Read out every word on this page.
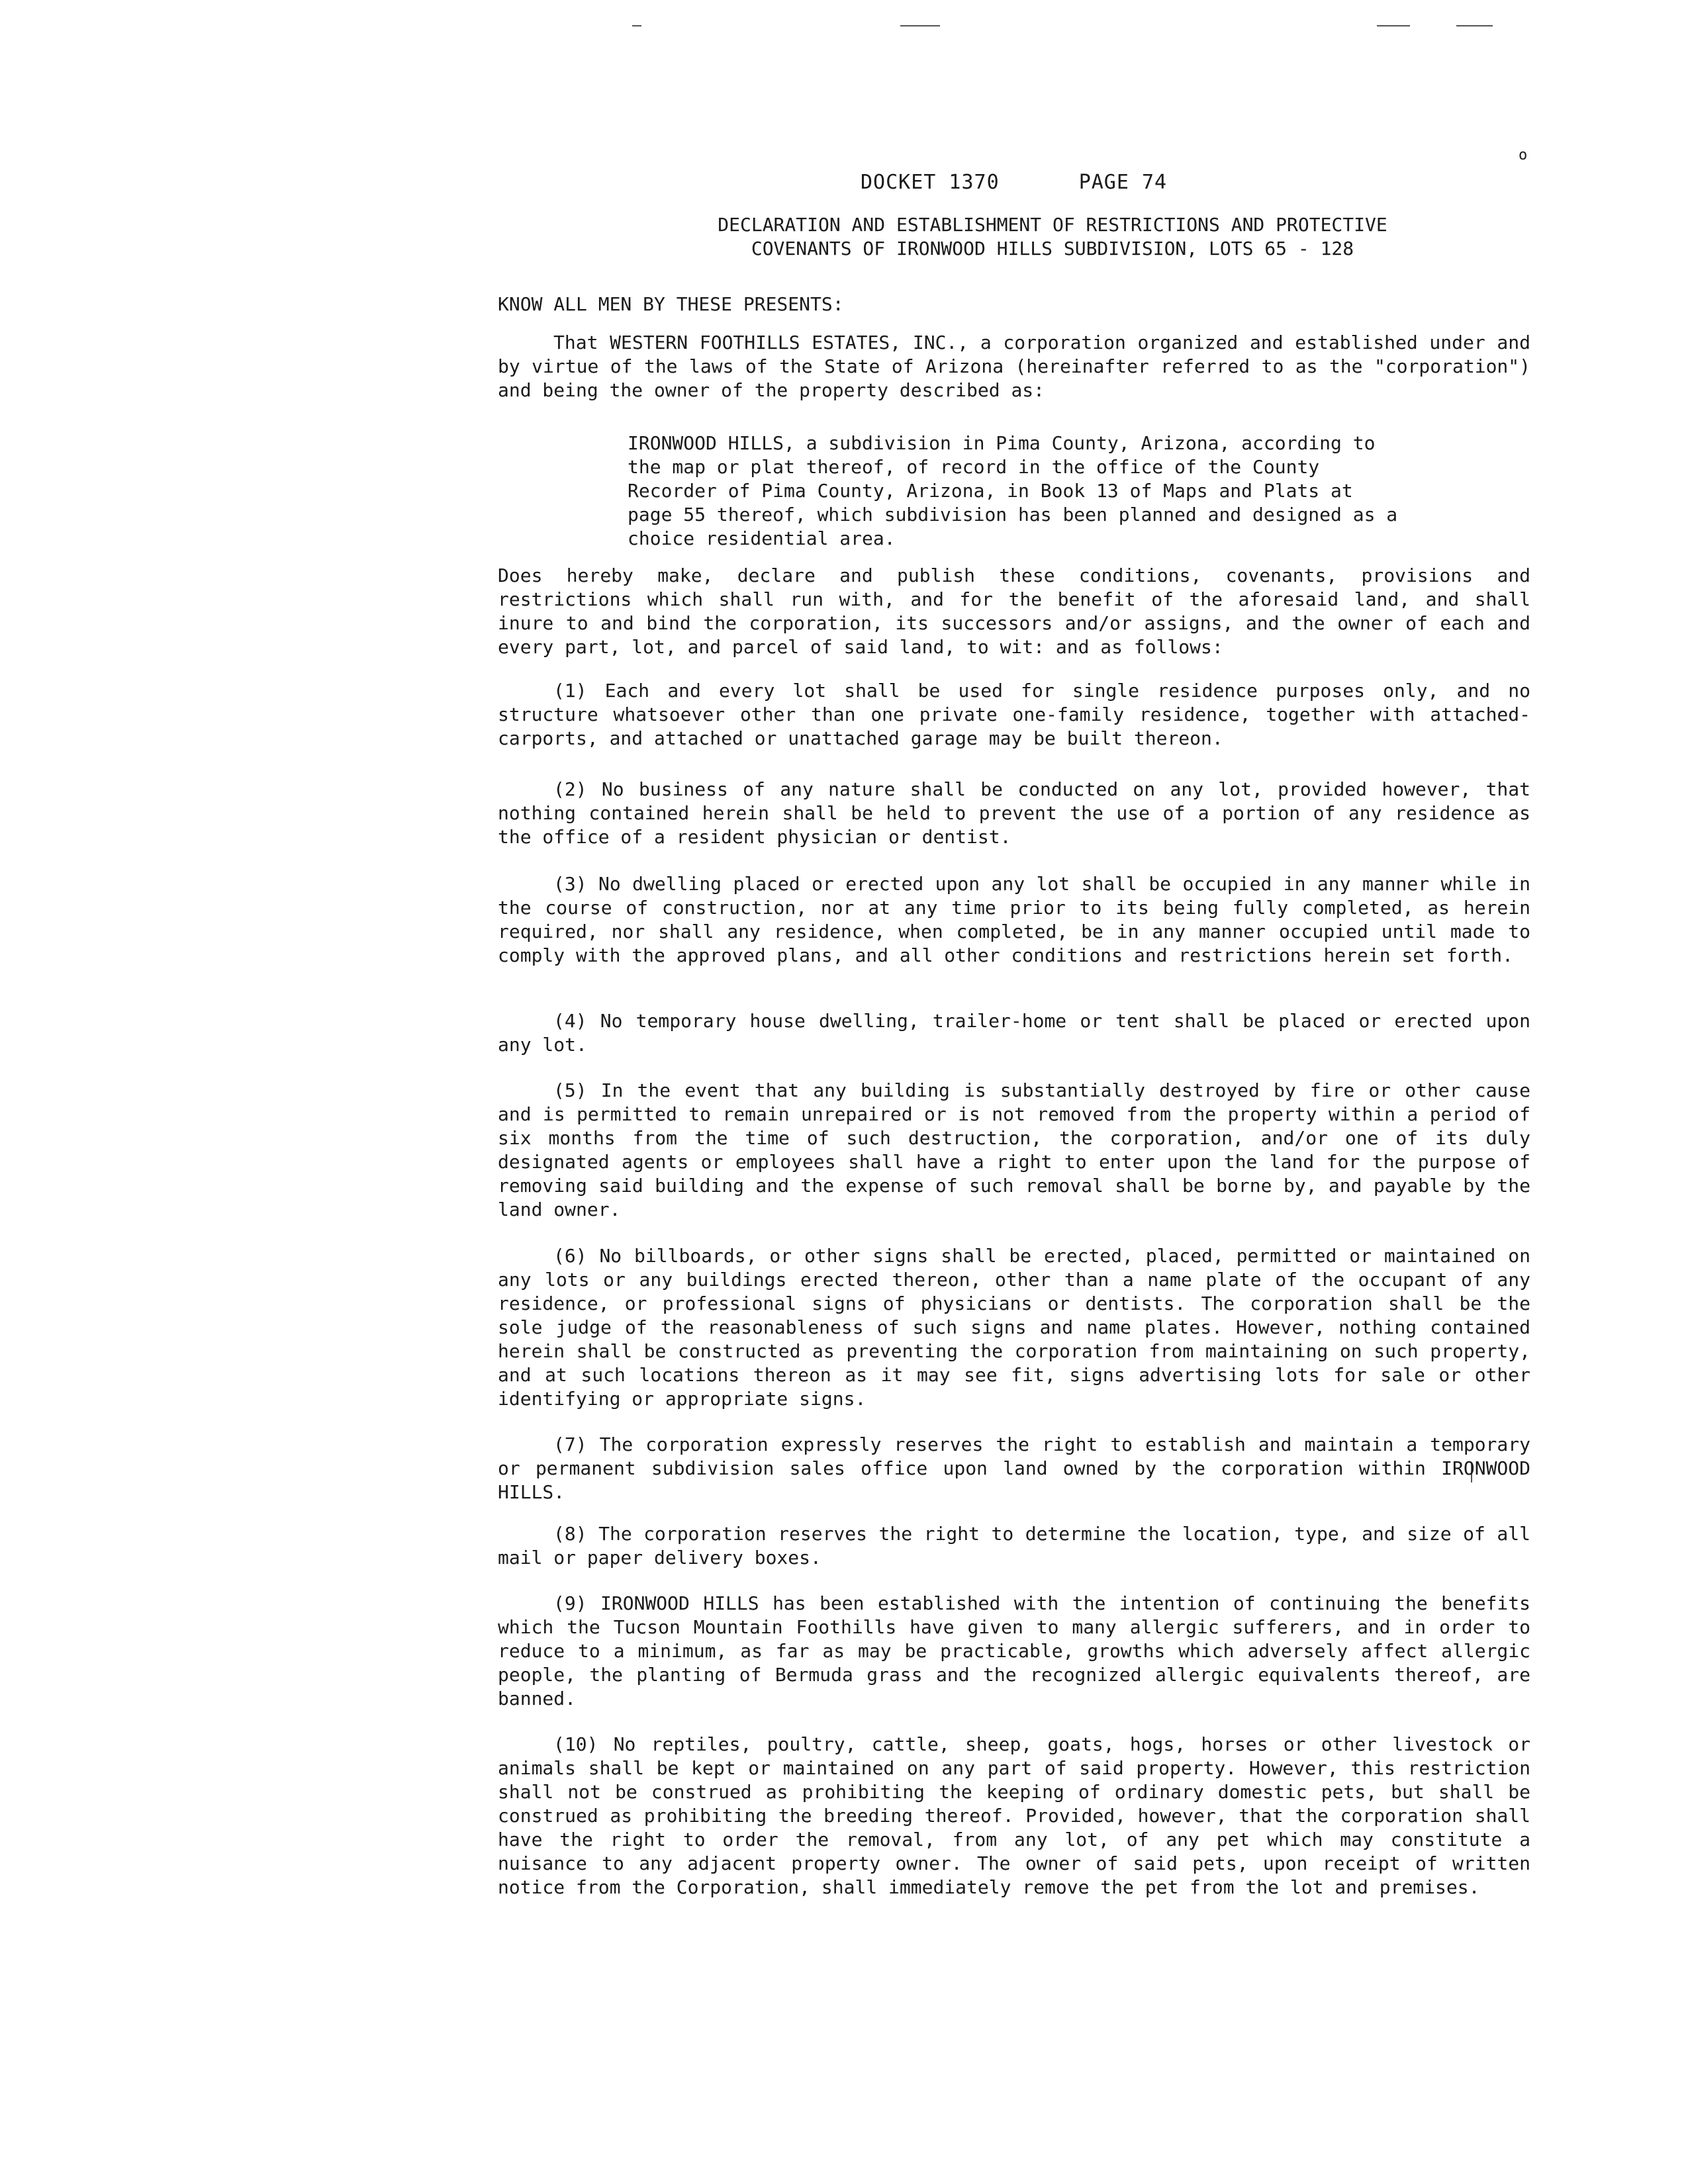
o
DOCKET 1370	PAGE 74
DECLARATION AND ESTABLISHMENT OF RESTRICTIONS AND PROTECTIVE
COVENANTS OF IRONWOOD HILLS SUBDIVISION, LOTS 65 - 128
KNOW ALL MEN BY THESE PRESENTS:
That WESTERN FOOTHILLS ESTATES, INC., a corporation organized and established under and by virtue of the laws of the State of Arizona (hereinafter referred to as the "corporation") and being the owner of the property described as:
IRONWOOD HILLS, a subdivision in Pima County, Arizona, according to the map or plat thereof, of record in the office of the County Recorder of Pima County, Arizona, in Book 13 of Maps and Plats at page 55 thereof, which subdivision has been planned and designed as a choice residential area.
Does hereby make, declare and publish these conditions, covenants, provisions and restrictions which shall run with, and for the benefit of the aforesaid land, and shall inure to and bind the corporation, its successors and/or assigns, and the owner of each and every part, lot, and parcel of said land, to wit: and as follows:
(1) Each and every lot shall be used for single residence purposes only, and no structure whatsoever other than one private one-family residence, together with attached-carports, and attached or unattached garage may be built thereon.
(2) No business of any nature shall be conducted on any lot, provided however, that nothing contained herein shall be held to prevent the use of a portion of any residence as the office of a resident physician or dentist.
(3) No dwelling placed or erected upon any lot shall be occupied in any manner while in the course of construction, nor at any time prior to its being fully completed, as herein required, nor shall any residence, when completed, be in any manner occupied until made to comply with the approved plans, and all other conditions and restrictions herein set forth.
(4) No temporary house dwelling, trailer-home or tent shall be placed or erected upon any lot.
(5) In the event that any building is substantially destroyed by fire or other cause and is permitted to remain unrepaired or is not removed from the property within a period of six months from the time of such destruction, the corporation, and/or one of its duly designated agents or employees shall have a right to enter upon the land for the purpose of removing said building and the expense of such removal shall be borne by, and payable by the land owner.
(6) No billboards, or other signs shall be erected, placed, permitted or maintained on any lots or any buildings erected thereon, other than a name plate of the occupant of any residence, or professional signs of physicians or dentists. The corporation shall be the sole judge of the reasonableness of such signs and name plates. However, nothing contained herein shall be constructed as preventing the corporation from maintaining on such property, and at such locations thereon as it may see fit, signs advertising lots for sale or other identifying or appropriate signs.
(7) The corporation expressly reserves the right to establish and maintain a temporary or permanent subdivision sales office upon land owned by the corporation within IRONWOOD HILLS.
(8) The corporation reserves the right to determine the location, type, and size of all mail or paper delivery boxes.
(9) IRONWOOD HILLS has been established with the intention of continuing the benefits which the Tucson Mountain Foothills have given to many allergic sufferers, and in order to reduce to a minimum, as far as may be practicable, growths which adversely affect allergic people, the planting of Bermuda grass and the recognized allergic equivalents thereof, are banned.
(10) No reptiles, poultry, cattle, sheep, goats, hogs, horses or other livestock or animals shall be kept or maintained on any part of said property. However, this restriction shall not be construed as prohibiting the keeping of ordinary domestic pets, but shall be construed as prohibiting the breeding thereof. Provided, however, that the corporation shall have the right to order the removal, from any lot, of any pet which may constitute a nuisance to any adjacent property owner. The owner of said pets, upon receipt of written notice from the Corporation, shall immediately remove the pet from the lot and premises.
